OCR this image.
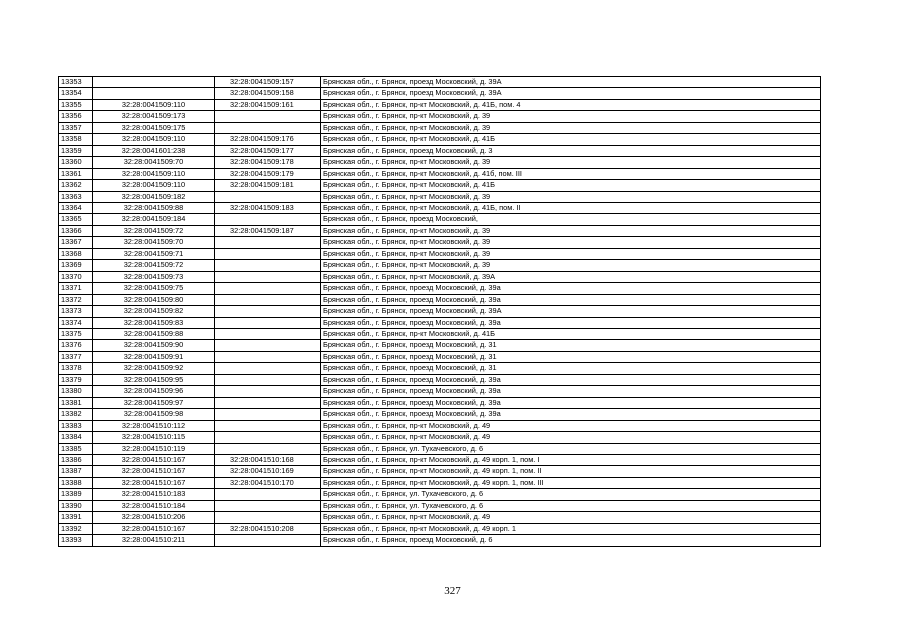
13353		32:28:0041509:157	Брянская обл., г. Брянск, проезд Московский, д. 39А
13354		32:28:0041509:158	Брянская обл., г. Брянск, проезд Московский, д. 39А
13355	32:28:0041509:110	32:28:0041509:161	Брянская обл., г. Брянск, пр-кт Московский, д. 41Б, пом. 4
13356	32:28:0041509:173		Брянская обл., г. Брянск, пр-кт Московский, д. 39
13357	32:28:0041509:175		Брянская обл., г. Брянск, пр-кт Московский, д. 39
13358	32:28:0041509:110	32:28:0041509:176	Брянская обл., г. Брянск, пр-кт Московский, д. 41Б
13359	32:28:0041601:238	32:28:0041509:177	Брянская обл., г. Брянск, проезд Московский, д. 3
13360	32:28:0041509:70	32:28:0041509:178	Брянская обл., г. Брянск, пр-кт Московский, д. 39
13361	32:28:0041509:110	32:28:0041509:179	Брянская обл., г. Брянск, пр-кт Московский, д. 41б, пом. III
13362	32:28:0041509:110	32:28:0041509:181	Брянская обл., г. Брянск, пр-кт Московский, д. 41Б
13363	32:28:0041509:182		Брянская обл., г. Брянск, пр-кт Московский, д. 39
13364	32:28:0041509:88	32:28:0041509:183	Брянская обл., г. Брянск, пр-кт Московский, д. 41Б, пом. II
13365	32:28:0041509:184		Брянская обл., г. Брянск, проезд Московский,
13366	32:28:0041509:72	32:28:0041509:187	Брянская обл., г. Брянск, пр-кт Московский, д. 39
13367	32:28:0041509:70		Брянская обл., г. Брянск, пр-кт Московский, д. 39
13368	32:28:0041509:71		Брянская обл., г. Брянск, пр-кт Московский, д. 39
13369	32:28:0041509:72		Брянская обл., г. Брянск, пр-кт Московский, д. 39
13370	32:28:0041509:73		Брянская обл., г. Брянск, пр-кт Московский, д. 39А
13371	32:28:0041509:75		Брянская обл., г. Брянск, проезд Московский, д. 39а
13372	32:28:0041509:80		Брянская обл., г. Брянск, проезд Московский, д. 39а
13373	32:28:0041509:82		Брянская обл., г. Брянск, проезд Московский, д. 39А
13374	32:28:0041509:83		Брянская обл., г. Брянск, проезд Московский, д. 39а
13375	32:28:0041509:88		Брянская обл., г. Брянск, пр-кт Московский, д. 41Б
13376	32:28:0041509:90		Брянская обл., г. Брянск, проезд Московский, д. 31
13377	32:28:0041509:91		Брянская обл., г. Брянск, проезд Московский, д. 31
13378	32:28:0041509:92		Брянская обл., г. Брянск, проезд Московский, д. 31
13379	32:28:0041509:95		Брянская обл., г. Брянск, проезд Московский, д. 39а
13380	32:28:0041509:96		Брянская обл., г. Брянск, проезд Московский, д. 39а
13381	32:28:0041509:97		Брянская обл., г. Брянск, проезд Московский, д. 39а
13382	32:28:0041509:98		Брянская обл., г. Брянск, проезд Московский, д. 39а
13383	32:28:0041510:112		Брянская обл., г. Брянск, пр-кт Московский, д. 49
13384	32:28:0041510:115		Брянская обл., г. Брянск, пр-кт Московский, д. 49
13385	32:28:0041510:119		Брянская обл., г. Брянск, ул. Тухачевского, д. 6
13386	32:28:0041510:167	32:28:0041510:168	Брянская обл., г. Брянск, пр-кт Московский, д. 49 корп. 1, пом. I
13387	32:28:0041510:167	32:28:0041510:169	Брянская обл., г. Брянск, пр-кт Московский, д. 49 корп. 1, пом. II
13388	32:28:0041510:167	32:28:0041510:170	Брянская обл., г. Брянск, пр-кт Московский, д. 49 корп. 1, пом. III
13389	32:28:0041510:183		Брянская обл., г. Брянск, ул. Тухачевского, д. 6
13390	32:28:0041510:184		Брянская обл., г. Брянск, ул. Тухачевского, д. 6
13391	32:28:0041510:206		Брянская обл., г. Брянск, пр-кт Московский, д. 49
13392	32:28:0041510:167	32:28:0041510:208	Брянская обл., г. Брянск, пр-кт Московский, д. 49 корп. 1
13393	32:28:0041510:211		Брянская обл., г. Брянск, проезд Московский, д. 6
327
